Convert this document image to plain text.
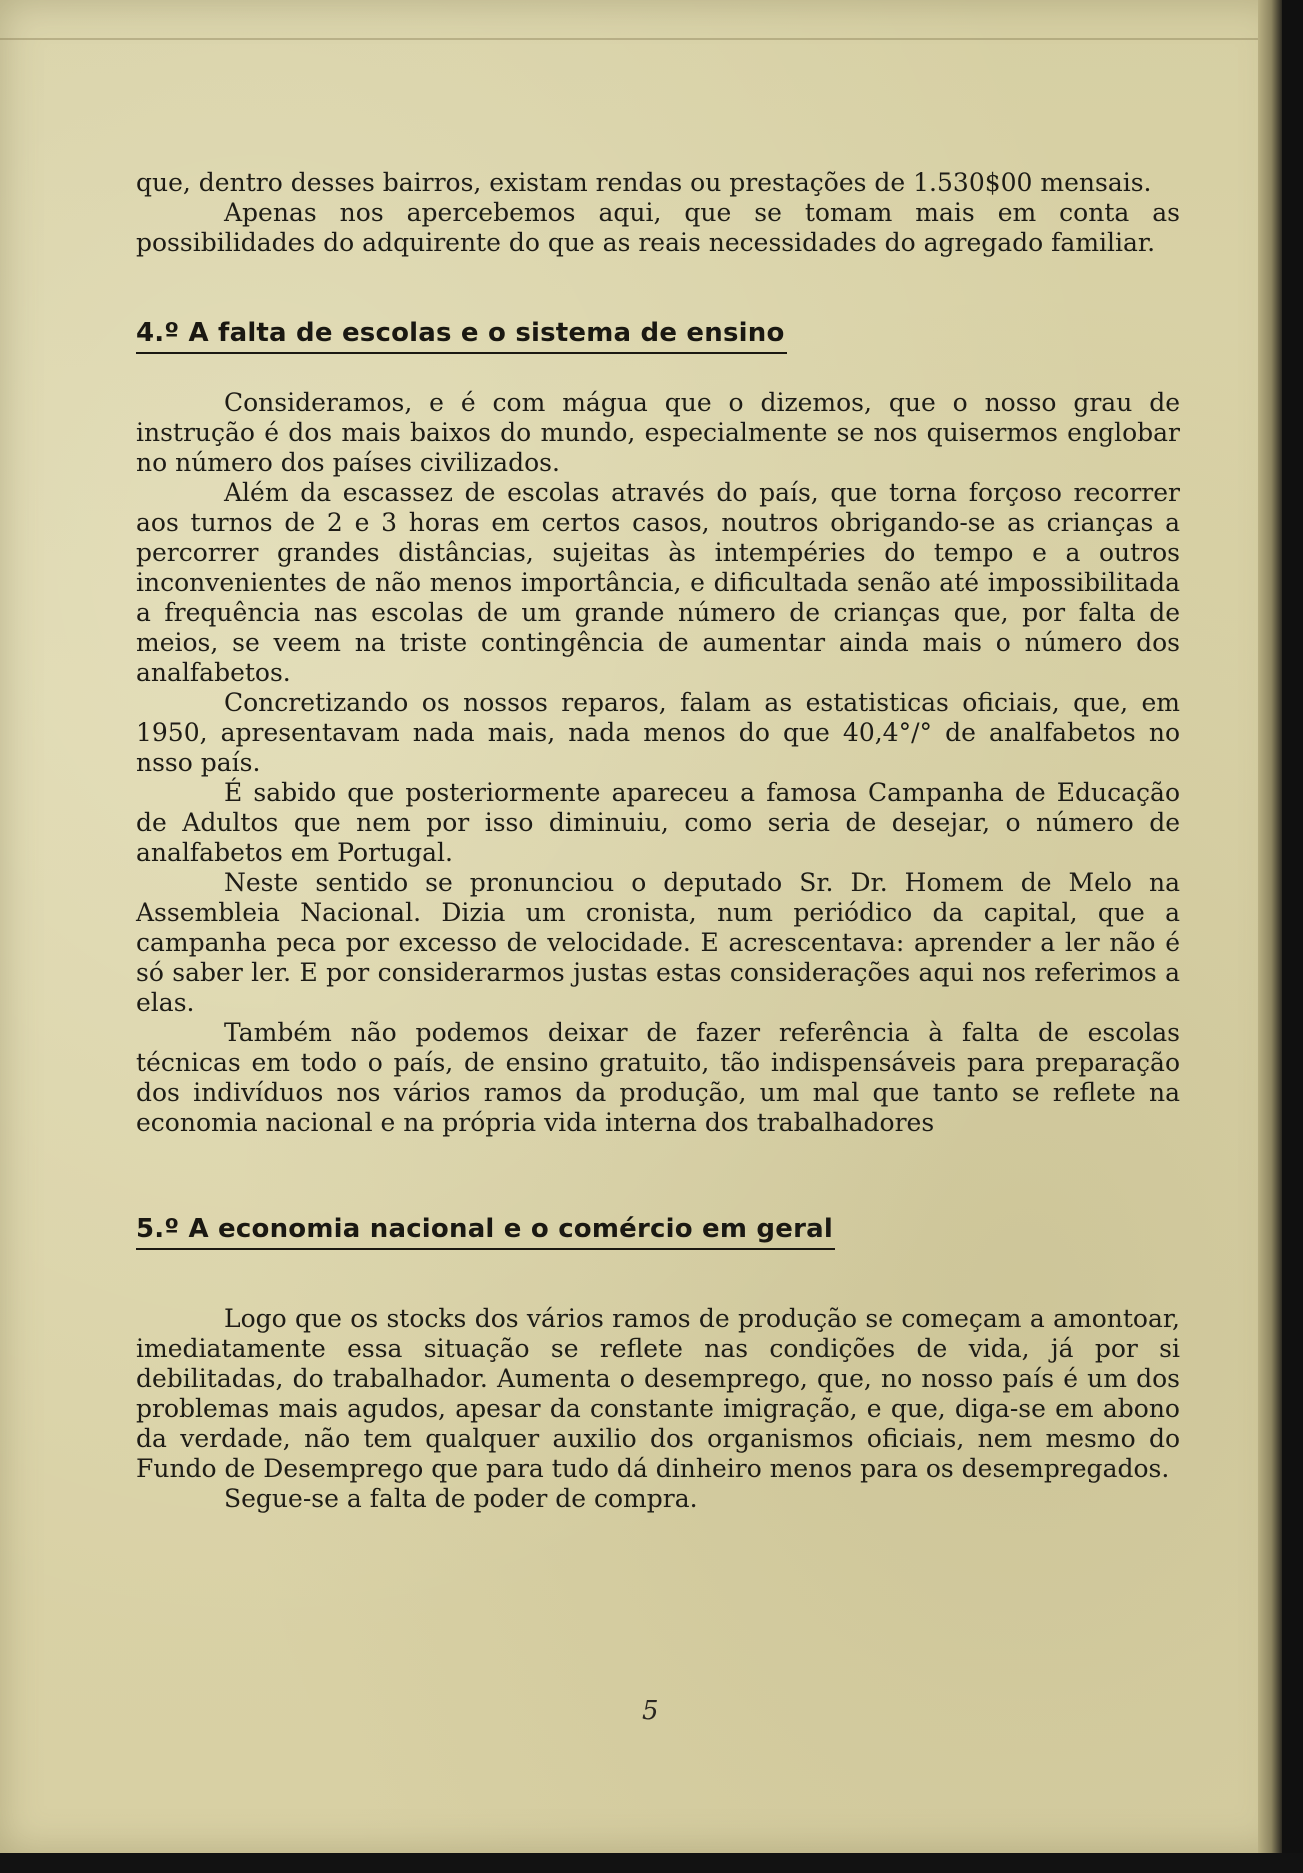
que, dentro desses bairros, existam rendas ou prestações de 1.530$00 mensais.

Apenas nos apercebemos aqui, que se tomam mais em conta as possibilidades do adquirente do que as reais necessidades do agregado familiar.

4.º A falta de escolas e o sistema de ensino

Consideramos, e é com mágua que o dizemos, que o nosso grau de instrução é dos mais baixos do mundo, especialmente se nos quisermos englobar no número dos países civilizados.

Além da escassez de escolas através do país, que torna forçoso recorrer aos turnos de 2 e 3 horas em certos casos, noutros obrigando-se as crianças a percorrer grandes distâncias, sujeitas às intempéries do tempo e a outros inconvenientes de não menos importância, e dificultada senão até impossibilitada a frequência nas escolas de um grande número de crianças que, por falta de meios, se veem na triste contingência de aumentar ainda mais o número dos analfabetos.

Concretizando os nossos reparos, falam as estatisticas oficiais, que, em 1950, apresentavam nada mais, nada menos do que 40,4°/° de analfabetos no nsso país.

É sabido que posteriormente apareceu a famosa Campanha de Educação de Adultos que nem por isso diminuiu, como seria de desejar, o número de analfabetos em Portugal.

Neste sentido se pronunciou o deputado Sr. Dr. Homem de Melo na Assembleia Nacional. Dizia um cronista, num periódico da capital, que a campanha peca por excesso de velocidade. E acrescentava: aprender a ler não é só saber ler. E por considerarmos justas estas considerações aqui nos referimos a elas.

Também não podemos deixar de fazer referência à falta de escolas técnicas em todo o país, de ensino gratuito, tão indispensáveis para preparação dos indivíduos nos vários ramos da produção, um mal que tanto se reflete na economia nacional e na própria vida interna dos trabalhadores

5.º A economia nacional e o comércio em geral

Logo que os stocks dos vários ramos de produção se começam a amontoar, imediatamente essa situação se reflete nas condições de vida, já por si debilitadas, do trabalhador. Aumenta o desemprego, que, no nosso país é um dos problemas mais agudos, apesar da constante imigração, e que, diga-se em abono da verdade, não tem qualquer auxilio dos organismos oficiais, nem mesmo do Fundo de Desemprego que para tudo dá dinheiro menos para os desempregados.

Segue-se a falta de poder de compra.

5
